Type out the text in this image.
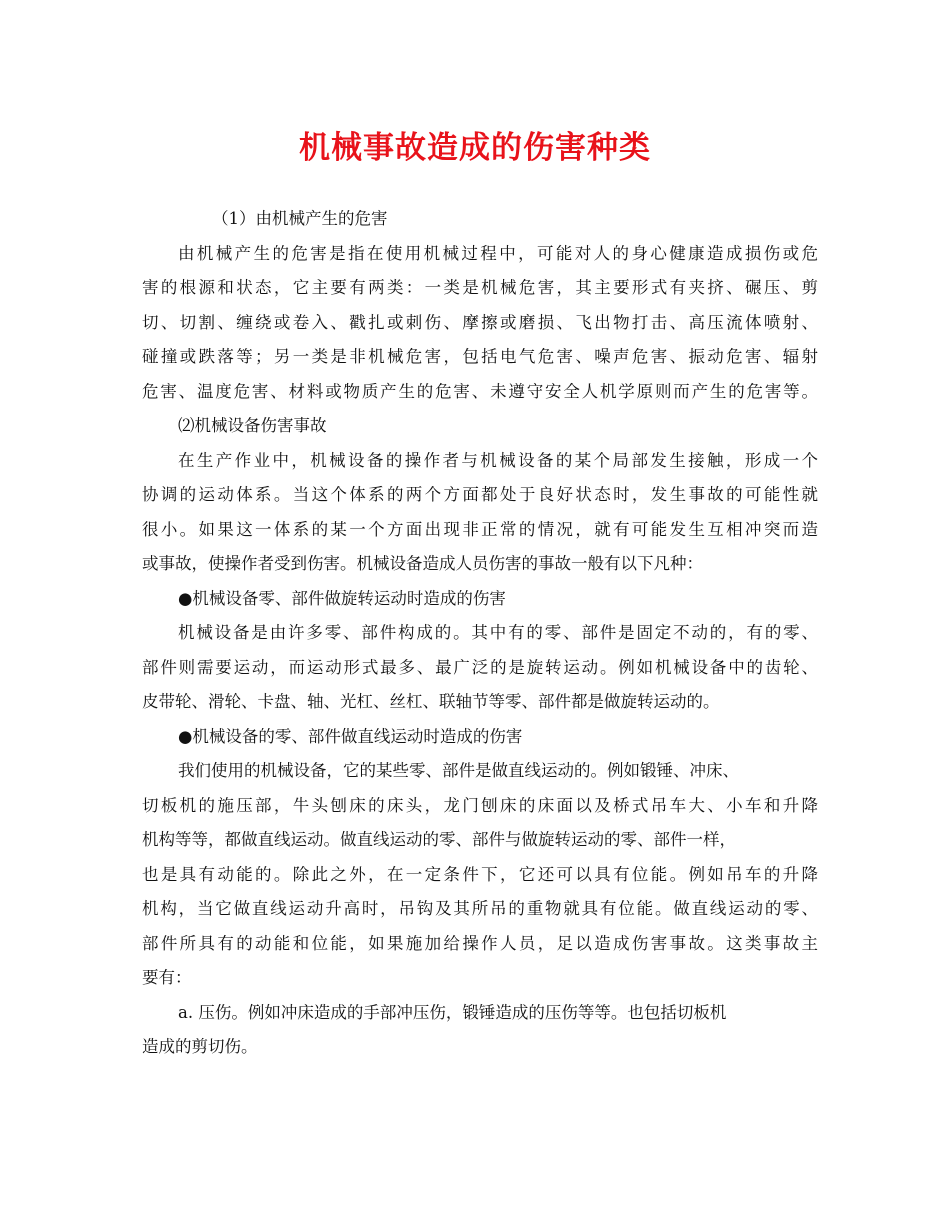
机械事故造成的伤害种类
（1）由机械产生的危害
由机械产生的危害是指在使用机械过程中，可能对人的身心健康造成损伤或危
害的根源和状态，它主要有两类：一类是机械危害，其主要形式有夹挤、碾压、剪
切、切割、缠绕或卷入、戳扎或刺伤、摩擦或磨损、飞出物打击、高压流体喷射、
碰撞或跌落等；另一类是非机械危害，包括电气危害、噪声危害、振动危害、辐射
危害、温度危害、材料或物质产生的危害、未遵守安全人机学原则而产生的危害等。
⑵机械设备伤害事故
在生产作业中，机械设备的操作者与机械设备的某个局部发生接触，形成一个
协调的运动体系。当这个体系的两个方面都处于良好状态时，发生事故的可能性就
很小。如果这一体系的某一个方面出现非正常的情况，就有可能发生互相冲突而造
或事故，使操作者受到伤害。机械设备造成人员伤害的事故一般有以下凡种：
●机械设备零、部件做旋转运动时造成的伤害
机械设备是由许多零、部件构成的。其中有的零、部件是固定不动的，有的零、
部件则需要运动，而运动形式最多、最广泛的是旋转运动。例如机械设备中的齿轮、
皮带轮、滑轮、卡盘、轴、光杠、丝杠、联轴节等零、部件都是做旋转运动的。
●机械设备的零、部件做直线运动时造成的伤害
我们使用的机械设备，它的某些零、部件是做直线运动的。例如锻锤、冲床、
切板机的施压部，牛头刨床的床头，龙门刨床的床面以及桥式吊车大、小车和升降
机构等等，都做直线运动。做直线运动的零、部件与做旋转运动的零、部件一样，
也是具有动能的。除此之外，在一定条件下，它还可以具有位能。例如吊车的升降
机构，当它做直线运动升高时，吊钩及其所吊的重物就具有位能。做直线运动的零、
部件所具有的动能和位能，如果施加给操作人员，足以造成伤害事故。这类事故主
要有：
a. 压伤。例如冲床造成的手部冲压伤，锻锤造成的压伤等等。也包括切板机
造成的剪切伤。
